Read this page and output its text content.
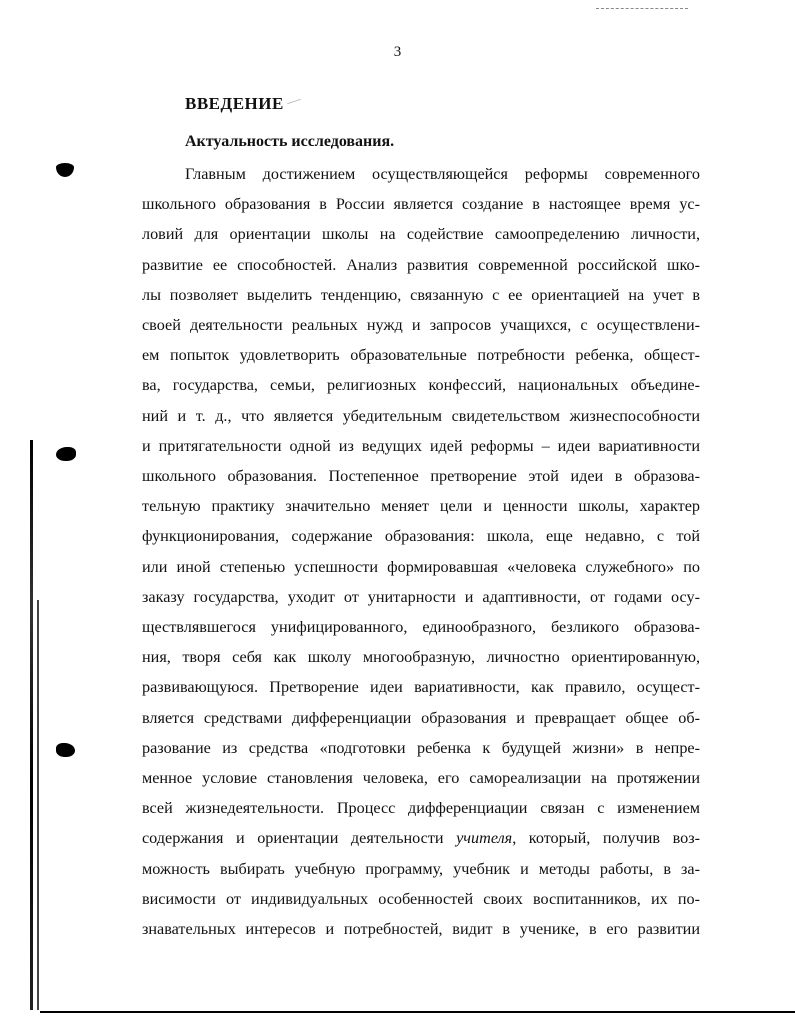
3
ВВЕДЕНИЕ
Актуальность исследования.
Главным достижением осуществляющейся реформы современного
школьного образования в России является создание в настоящее время ус-
ловий для ориентации школы на содействие самоопределению личности,
развитие ее способностей. Анализ развития современной российской шко-
лы позволяет выделить тенденцию, связанную с ее ориентацией на учет в
своей деятельности реальных нужд и запросов учащихся, с осуществлени-
ем попыток удовлетворить образовательные потребности ребенка, общест-
ва, государства, семьи, религиозных конфессий, национальных объедине-
ний и т. д., что является убедительным свидетельством жизнеспособности
и притягательности одной из ведущих идей реформы – идеи вариативности
школьного образования. Постепенное претворение этой идеи в образова-
тельную практику значительно меняет цели и ценности школы, характер
функционирования, содержание образования: школа, еще недавно, с той
или иной степенью успешности формировавшая «человека служебного» по
заказу государства, уходит от унитарности и адаптивности, от годами осу-
ществлявшегося унифицированного, единообразного, безликого образова-
ния, творя себя как школу многообразную, личностно ориентированную,
развивающуюся. Претворение идеи вариативности, как правило, осущест-
вляется средствами дифференциации образования и превращает общее об-
разование из средства «подготовки ребенка к будущей жизни» в непре-
менное условие становления человека, его самореализации на протяжении
всей жизнедеятельности. Процесс дифференциации связан с изменением
содержания и ориентации деятельности учителя, который, получив воз-
можность выбирать учебную программу, учебник и методы работы, в за-
висимости от индивидуальных особенностей своих воспитанников, их по-
знавательных интересов и потребностей, видит в ученике, в его развитии
